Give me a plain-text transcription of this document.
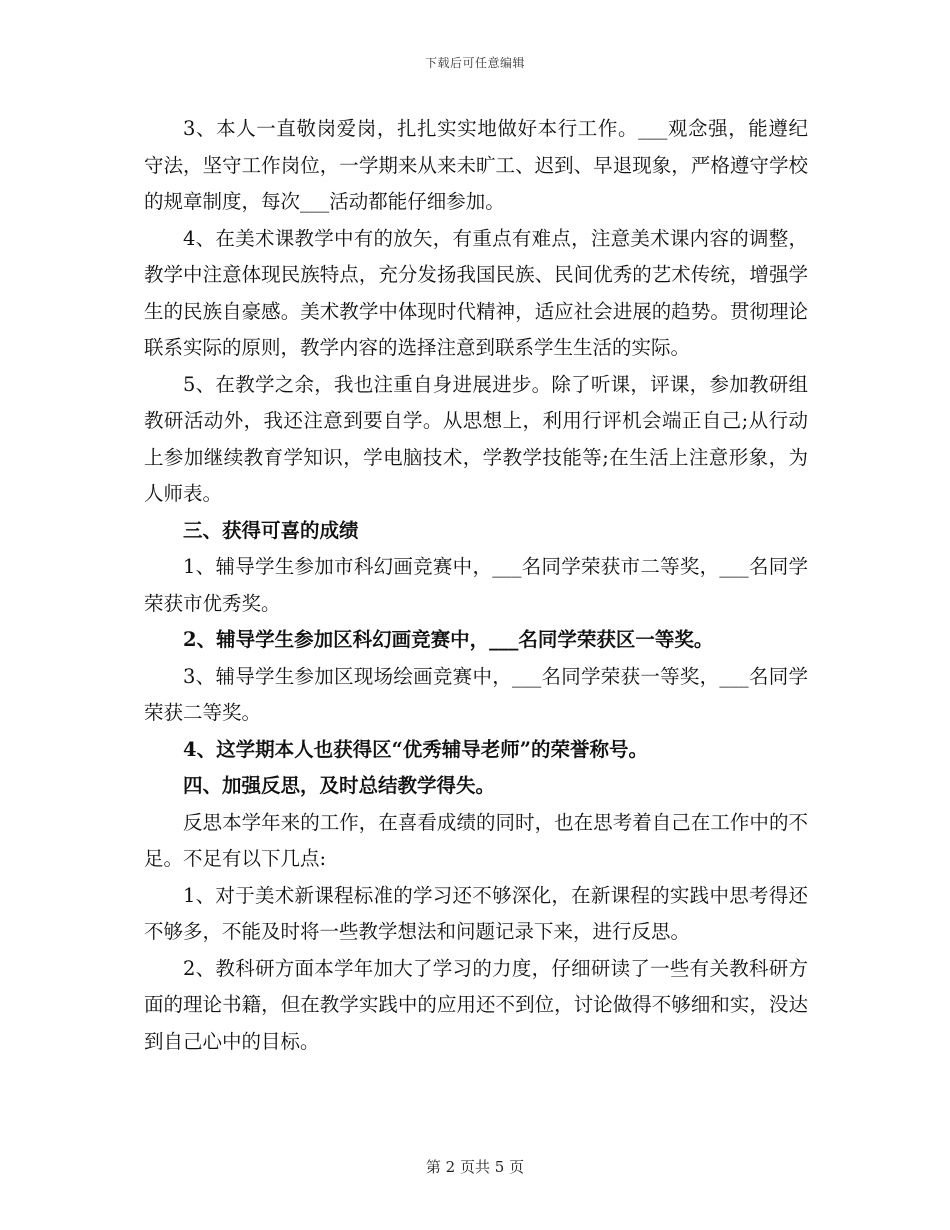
下载后可任意编辑

3、本人一直敬岗爱岗，扎扎实实地做好本行工作。___观念强，能遵纪守法，坚守工作岗位，一学期来从来未旷工、迟到、早退现象，严格遵守学校的规章制度，每次___活动都能仔细参加。

4、在美术课教学中有的放矢，有重点有难点，注意美术课内容的调整，教学中注意体现民族特点，充分发扬我国民族、民间优秀的艺术传统，增强学生的民族自豪感。美术教学中体现时代精神，适应社会进展的趋势。贯彻理论联系实际的原则，教学内容的选择注意到联系学生生活的实际。

5、在教学之余，我也注重自身进展进步。除了听课，评课，参加教研组教研活动外，我还注意到要自学。从思想上，利用行评机会端正自己;从行动上参加继续教育学知识，学电脑技术，学教学技能等;在生活上注意形象，为人师表。

三、获得可喜的成绩

1、辅导学生参加市科幻画竞赛中，___名同学荣获市二等奖，___名同学荣获市优秀奖。

2、辅导学生参加区科幻画竞赛中，___名同学荣获区一等奖。

3、辅导学生参加区现场绘画竞赛中，___名同学荣获一等奖，___名同学荣获二等奖。

4、这学期本人也获得区“优秀辅导老师”的荣誉称号。

四、加强反思，及时总结教学得失。

反思本学年来的工作，在喜看成绩的同时，也在思考着自己在工作中的不足。不足有以下几点:

1、对于美术新课程标准的学习还不够深化，在新课程的实践中思考得还不够多，不能及时将一些教学想法和问题记录下来，进行反思。

2、教科研方面本学年加大了学习的力度，仔细研读了一些有关教科研方面的理论书籍，但在教学实践中的应用还不到位，讨论做得不够细和实，没达到自己心中的目标。

第 2 页共 5 页
